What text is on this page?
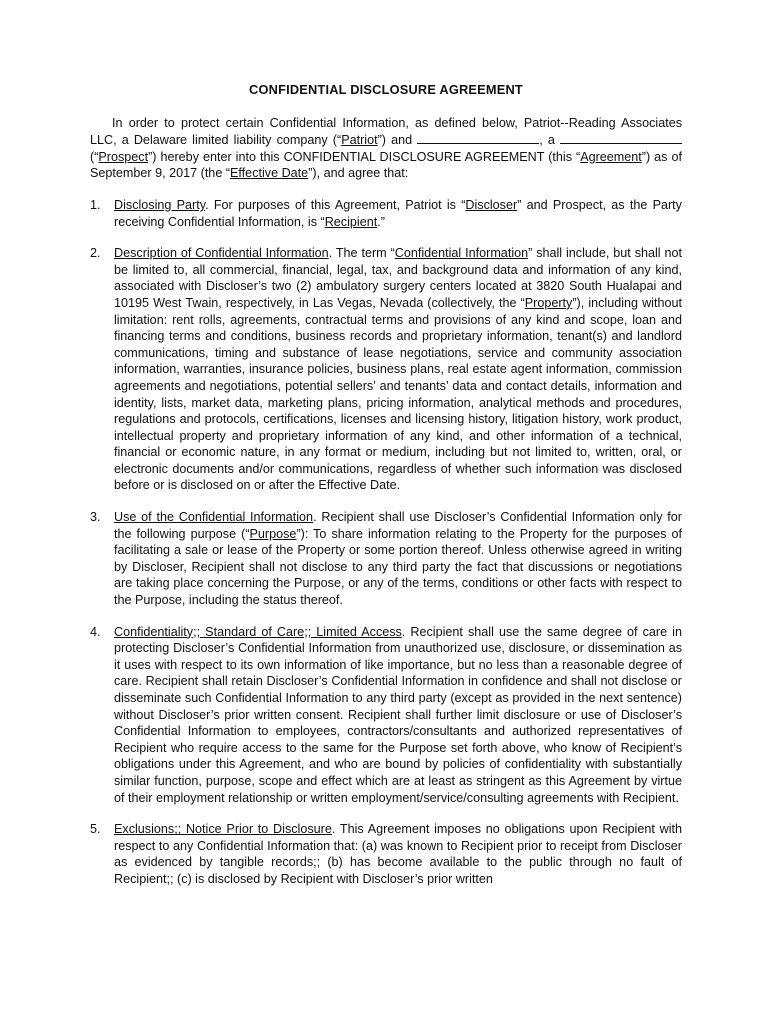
CONFIDENTIAL DISCLOSURE AGREEMENT

In order to protect certain Confidential Information, as defined below, Patriot--Reading Associates LLC, a Delaware limited liability company (“Patriot”) and	, a  (“Prospect”) hereby enter into this CONFIDENTIAL DISCLOSURE AGREEMENT (this “Agreement”) as of September 9, 2017 (the “Effective Date”), and agree that:

1. Disclosing Party. For purposes of this Agreement, Patriot is “Discloser” and Prospect, as the Party receiving Confidential Information, is “Recipient.”

2. Description of Confidential Information. The term “Confidential Information” shall include, but shall not be limited to, all commercial, financial, legal, tax, and background data and information of any kind, associated with Discloser’s two (2) ambulatory surgery centers located at 3820 South Hualapai and 10195 West Twain, respectively, in Las Vegas, Nevada (collectively, the “Property”), including without limitation: rent rolls, agreements, contractual terms and provisions of any kind and scope, loan and financing terms and conditions, business records and proprietary information, tenant(s) and landlord communications, timing and substance of lease negotiations, service and community association information, warranties, insurance policies, business plans, real estate agent information, commission agreements and negotiations, potential sellers’ and tenants’ data and contact details, information and identity, lists, market data, marketing plans, pricing information, analytical methods and procedures, regulations and protocols, certifications, licenses and licensing history, litigation history, work product, intellectual property and proprietary information of any kind, and other information of a technical, financial or economic nature, in any format or medium, including but not limited to, written, oral, or electronic documents and/or communications, regardless of whether such information was disclosed before or is disclosed on or after the Effective Date.

3. Use of the Confidential Information. Recipient shall use Discloser’s Confidential Information only for the following purpose (“Purpose”): To share information relating to the Property for the purposes of facilitating a sale or lease of the Property or some portion thereof. Unless otherwise agreed in writing by Discloser, Recipient shall not disclose to any third party the fact that discussions or negotiations are taking place concerning the Purpose, or any of the terms, conditions or other facts with respect to the Purpose, including the status thereof.

4. Confidentiality;; Standard of Care;; Limited Access. Recipient shall use the same degree of care in protecting Discloser’s Confidential Information from unauthorized use, disclosure, or dissemination as it uses with respect to its own information of like importance, but no less than a reasonable degree of care. Recipient shall retain Discloser’s Confidential Information in confidence and shall not disclose or disseminate such Confidential Information to any third party (except as provided in the next sentence) without Discloser’s prior written consent. Recipient shall further limit disclosure or use of Discloser’s Confidential Information to employees, contractors/consultants and authorized representatives of Recipient who require access to the same for the Purpose set forth above, who know of Recipient’s obligations under this Agreement, and who are bound by policies of confidentiality with substantially similar function, purpose, scope and effect which are at least as stringent as this Agreement by virtue of their employment relationship or written employment/service/consulting agreements with Recipient.

5. Exclusions;; Notice Prior to Disclosure. This Agreement imposes no obligations upon Recipient with respect to any Confidential Information that: (a) was known to Recipient prior to receipt from Discloser as evidenced by tangible records;; (b) has become available to the public through no fault of Recipient;; (c) is disclosed by Recipient with Discloser’s prior written
